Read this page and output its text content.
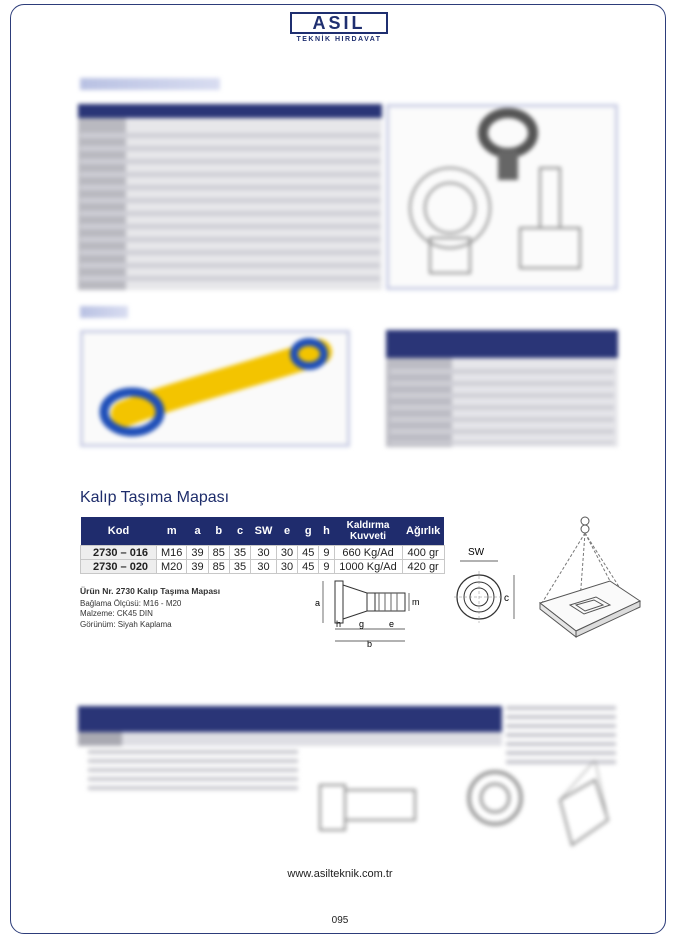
ASIL
TEKNİK HIRDAVAT
Kalıp Taşıma Mapası
Kod	m	a	b	c	SW	e	g	h	Kaldırma Kuvveti	Ağırlık
2730 – 016	M16	39	85	35	30	30	45	9	660 Kg/Ad	400 gr
2730 – 020	M20	39	85	35	30	30	45	9	1000 Kg/Ad	420 gr
Ürün Nr. 2730 Kalıp Taşıma Mapası
Bağlama Ölçüsü: M16 - M20
Malzeme: CK45 DIN
Görünüm: Siyah Kaplama
a	m
h g	e
b
SW
c
www.asilteknik.com.tr
095
